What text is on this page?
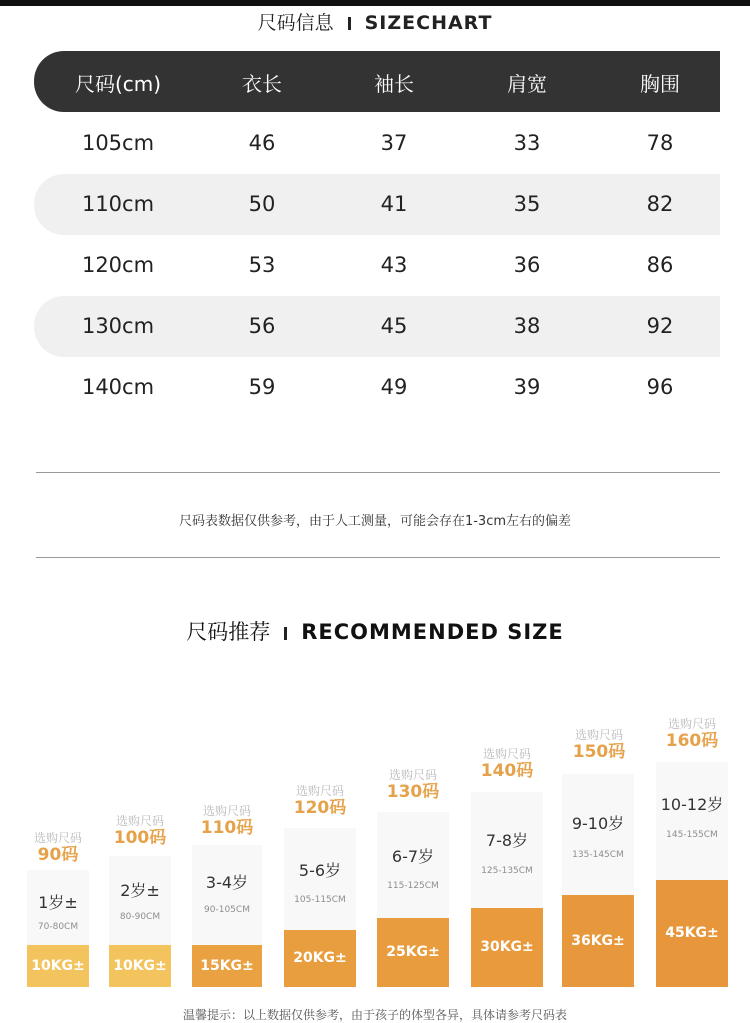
尺码信息 SIZECHART
尺码(cm)	衣长	袖长	肩宽	胸围
105cm	46	37	33	78
110cm	50	41	35	82
120cm	53	43	36	86
130cm	56	45	38	92
140cm	59	49	39	96
尺码表数据仅供参考，由于人工测量，可能会存在1-3cm左右的偏差
尺码推荐 RECOMMENDED SIZE
选购尺码
90码
1岁±
70-80CM
10KG±
选购尺码
100码
2岁±
80-90CM
10KG±
选购尺码
110码
3-4岁
90-105CM
15KG±
选购尺码
120码
5-6岁
105-115CM
20KG±
选购尺码
130码
6-7岁
115-125CM
25KG±
选购尺码
140码
7-8岁
125-135CM
30KG±
选购尺码
150码
9-10岁
135-145CM
36KG±
选购尺码
160码
10-12岁
145-155CM
45KG±
温馨提示：以上数据仅供参考，由于孩子的体型各异，具体请参考尺码表
